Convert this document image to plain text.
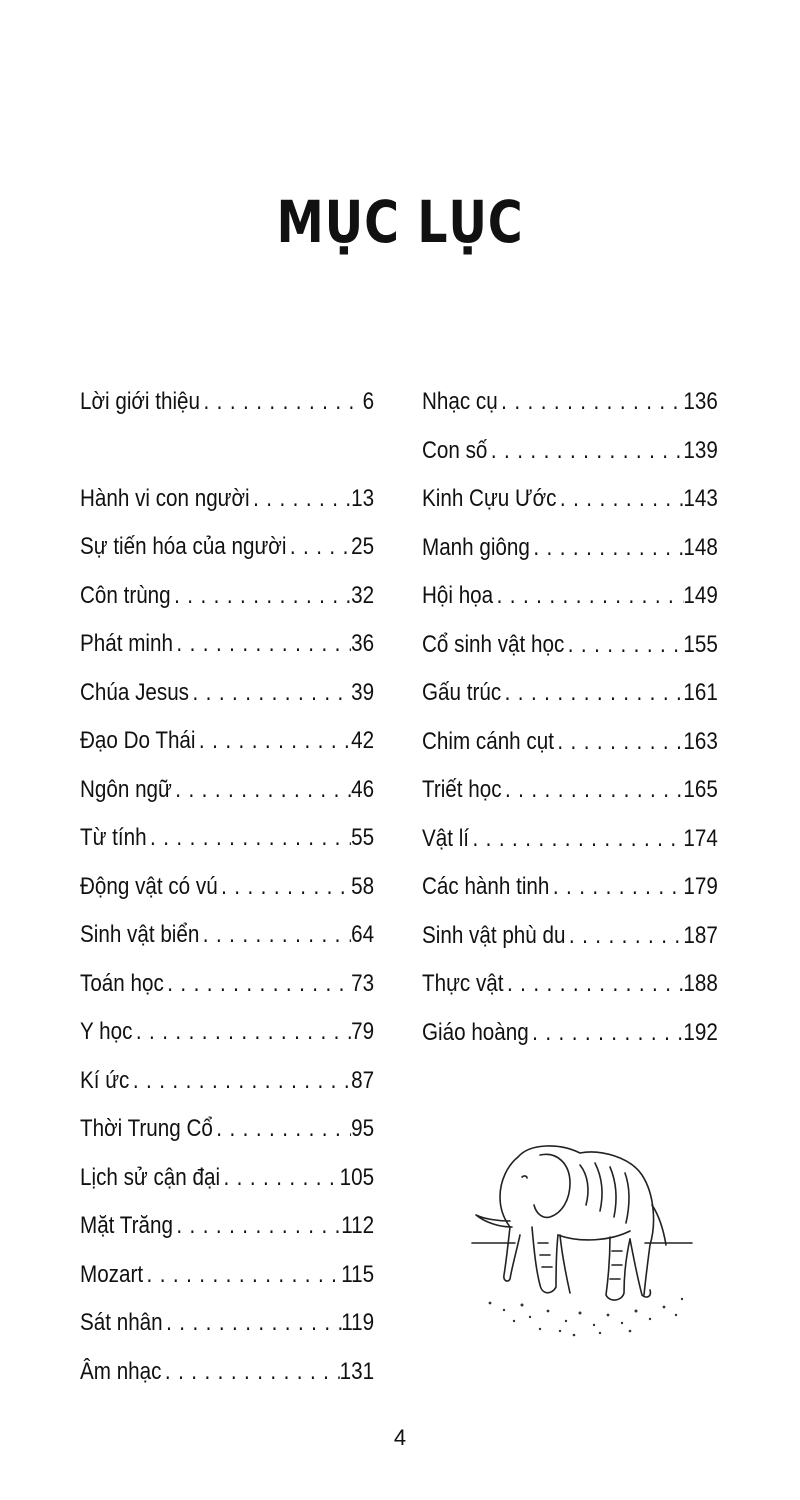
MỤC LỤC
Lời giới thiệu . . .	6
Hành vi con người . . .	13
Sự tiến hóa của người . . .	25
Côn trùng . . .	32
Phát minh . . .	36
Chúa Jesus . . .	39
Đạo Do Thái . . .	42
Ngôn ngữ . . .	46
Từ tính . . .	55
Động vật có vú . . .	58
Sinh vật biển . . .	64
Toán học . . .	73
Y học . . .	79
Kí ức . . .	87
Thời Trung Cổ . . .	95
Lịch sử cận đại . . .	105
Mặt Trăng . . .	112
Mozart . . .	115
Sát nhân . . .	119
Âm nhạc . . .	131
Nhạc cụ . . .	136
Con số . . .	139
Kinh Cựu Ước . . .	143
Manh giông . . .	148
Hội họa . . .	149
Cổ sinh vật học . . .	155
Gấu trúc . . .	161
Chim cánh cụt . . .	163
Triết học . . .	165
Vật lí . . .	174
Các hành tinh . . .	179
Sinh vật phù du . . .	187
Thực vật . . .	188
Giáo hoàng . . .	192
4
